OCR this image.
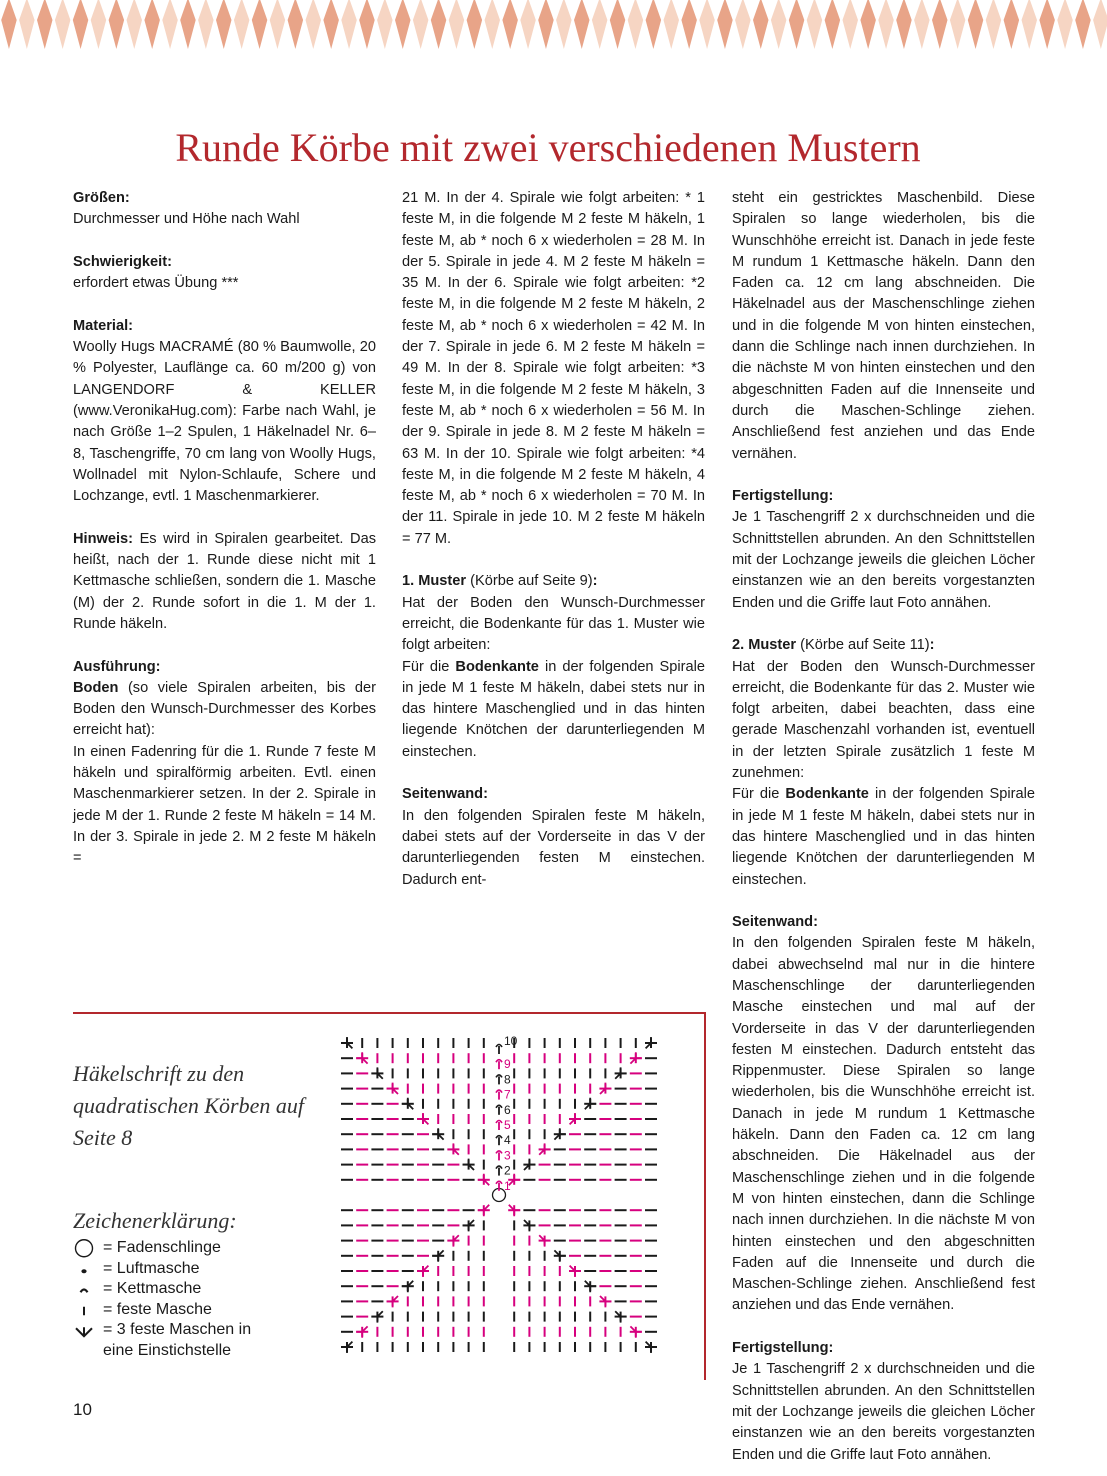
Runde Körbe mit zwei verschiedenen Mustern

Größen:

Durchmesser und Höhe nach Wahl

Schwierigkeit:

erfordert etwas Übung ***

Material:

Woolly Hugs MACRAMÉ (80 % Baumwolle, 20 % Polyester, Lauflänge ca. 60 m/200 g) von LANGENDORF & KELLER (www.VeronikaHug.com): Farbe nach Wahl, je nach Größe 1–2 Spulen, 1 Häkelnadel Nr. 6–8, Taschengriffe, 70 cm lang von Woolly Hugs, Wollnadel mit Nylon-Schlaufe, Schere und Lochzange, evtl. 1 Maschenmarkierer.

Hinweis: Es wird in Spiralen gearbeitet. Das heißt, nach der 1. Runde diese nicht mit 1 Kettmasche schließen, sondern die 1. Masche (M) der 2. Runde sofort in die 1. M der 1. Runde häkeln.

Ausführung:

Boden (so viele Spiralen arbeiten, bis der Boden den Wunsch-Durchmesser des Korbes erreicht hat):

In einen Fadenring für die 1. Runde 7 feste M häkeln und spiralförmig arbeiten. Evtl. einen Maschenmarkierer setzen. In der 2. Spirale in jede M der 1. Runde 2 feste M häkeln = 14 M. In der 3. Spirale in jede 2. M 2 feste M häkeln =

21 M. In der 4. Spirale wie folgt arbeiten: * 1 feste M, in die folgende M 2 feste M häkeln, 1 feste M, ab * noch 6 x wiederholen = 28 M. In der 5. Spirale in jede 4. M 2 feste M häkeln = 35 M. In der 6. Spirale wie folgt arbeiten: *2 feste M, in die folgende M 2 feste M häkeln, 2 feste M, ab * noch 6 x wiederholen = 42 M. In der 7. Spirale in jede 6. M 2 feste M häkeln = 49 M. In der 8. Spirale wie folgt arbeiten: *3 feste M, in die folgende M 2 feste M häkeln, 3 feste M, ab * noch 6 x wiederholen = 56 M. In der 9. Spirale in jede 8. M 2 feste M häkeln = 63 M. In der 10. Spirale wie folgt arbeiten: *4 feste M, in die folgende M 2 feste M häkeln, 4 feste M, ab * noch 6 x wiederholen = 70 M. In der 11. Spirale in jede 10. M 2 feste M häkeln = 77 M.

1. Muster (Körbe auf Seite 9):

Hat der Boden den Wunsch-Durchmesser erreicht, die Bodenkante für das 1. Muster wie folgt arbeiten:

Für die Bodenkante in der folgenden Spirale in jede M 1 feste M häkeln, dabei stets nur in das hintere Maschenglied und in das hinten liegende Knötchen der darunterliegenden M einstechen.

Seitenwand:

In den folgenden Spiralen feste M häkeln, dabei stets auf der Vorderseite in das V der darunterliegenden festen M einstechen. Dadurch ent-

steht ein gestricktes Maschenbild. Diese Spiralen so lange wiederholen, bis die Wunschhöhe erreicht ist. Danach in jede feste M rundum 1 Kettmasche häkeln. Dann den Faden ca. 12 cm lang abschneiden. Die Häkelnadel aus der Maschenschlinge ziehen und in die folgende M von hinten einstechen, dann die Schlinge nach innen durchziehen. In die nächste M von hinten einstechen und den abgeschnitten Faden auf die Innenseite und durch die Maschen-Schlinge ziehen. Anschließend fest anziehen und das Ende vernähen.

Fertigstellung:

Je 1 Taschengriff 2 x durchschneiden und die Schnittstellen abrunden. An den Schnittstellen mit der Lochzange jeweils die gleichen Löcher einstanzen wie an den bereits vorgestanzten Enden und die Griffe laut Foto annähen.

2. Muster (Körbe auf Seite 11):

Hat der Boden den Wunsch-Durchmesser erreicht, die Bodenkante für das 2. Muster wie folgt arbeiten, dabei beachten, dass eine gerade Maschenzahl vorhanden ist, eventuell in der letzten Spirale zusätzlich 1 feste M zunehmen:

Für die Bodenkante in der folgenden Spirale in jede M 1 feste M häkeln, dabei stets nur in das hintere Maschenglied und in das hinten liegende Knötchen der darunterliegenden M einstechen.

Seitenwand:

In den folgenden Spiralen feste M häkeln, dabei abwechselnd mal nur in die hintere Maschenschlinge der darunterliegenden Masche einstechen und mal auf der Vorderseite in das V der darunterliegenden festen M einstechen. Dadurch entsteht das Rippenmuster. Diese Spiralen so lange wiederholen, bis die Wunschhöhe erreicht ist. Danach in jede M rundum 1 Kettmasche häkeln. Dann den Faden ca. 12 cm lang abschneiden. Die Häkelnadel aus der Maschenschlinge ziehen und in die folgende M von hinten einstechen, dann die Schlinge nach innen durchziehen. In die nächste M von hinten einstechen und den abgeschnitten Faden auf die Innenseite und durch die Maschen-Schlinge ziehen. Anschließend fest anziehen und das Ende vernähen.

Fertigstellung:

Je 1 Taschengriff 2 x durchschneiden und die Schnittstellen abrunden. An den Schnittstellen mit der Lochzange jeweils die gleichen Löcher einstanzen wie an den bereits vorgestanzten Enden und die Griffe laut Foto annähen.

Häkelschrift zu den quadratischen Körben auf Seite 8

Zeichenerklärung:

= Fadenschlinge
= Luftmasche
= Kettmasche
= feste Masche
= 3 feste Maschen in
eine Einstichstelle
1
2
3
4
5
6
7
8
9
10

10
